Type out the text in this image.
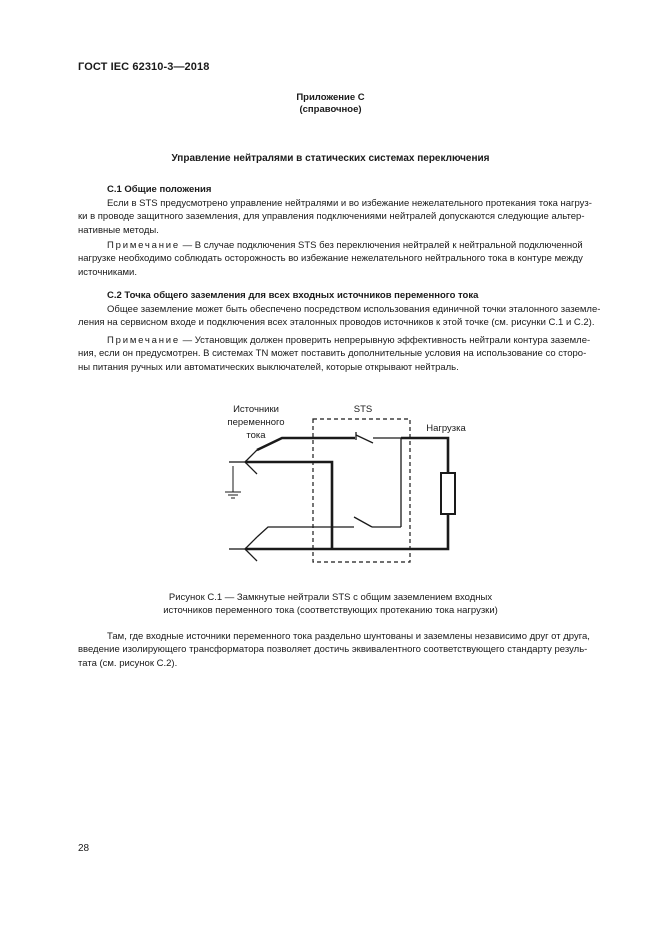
ГОСТ IEC 62310-3—2018
Приложение С
(справочное)
Управление нейтралями в статических системах переключения
С.1 Общие положения
Если в STS предусмотрено управление нейтралями и во избежание нежелательного протекания тока нагруз-
ки в проводе защитного заземления, для управления подключениями нейтралей допускаются следующие альтер-
нативные методы.
Примечание — В случае подключения STS без переключения нейтралей к нейтральной подключенной
нагрузке необходимо соблюдать осторожность во избежание нежелательного нейтрального тока в контуре между
источниками.
С.2 Точка общего заземления для всех входных источников переменного тока
Общее заземление может быть обеспечено посредством использования единичной точки эталонного заземле-
ления на сервисном входе и подключения всех эталонных проводов источников к этой точке (см. рисунки С.1 и С.2).
Примечание — Установщик должен проверить непрерывную эффективность нейтрали контура заземле-
ния, если он предусмотрен. В системах TN может поставить дополнительные условия на использование со сторо-
ны питания ручных или автоматических выключателей, которые открывают нейтраль.
Источники
переменного
тока
STS
Нагрузка
Рисунок С.1 — Замкнутые нейтрали STS с общим заземлением входных
источников переменного тока (соответствующих протеканию тока нагрузки)
Там, где входные источники переменного тока раздельно шунтованы и заземлены независимо друг от друга,
введение изолирующего трансформатора позволяет достичь эквивалентного соответствующего стандарту резуль-
тата (см. рисунок С.2).
28
